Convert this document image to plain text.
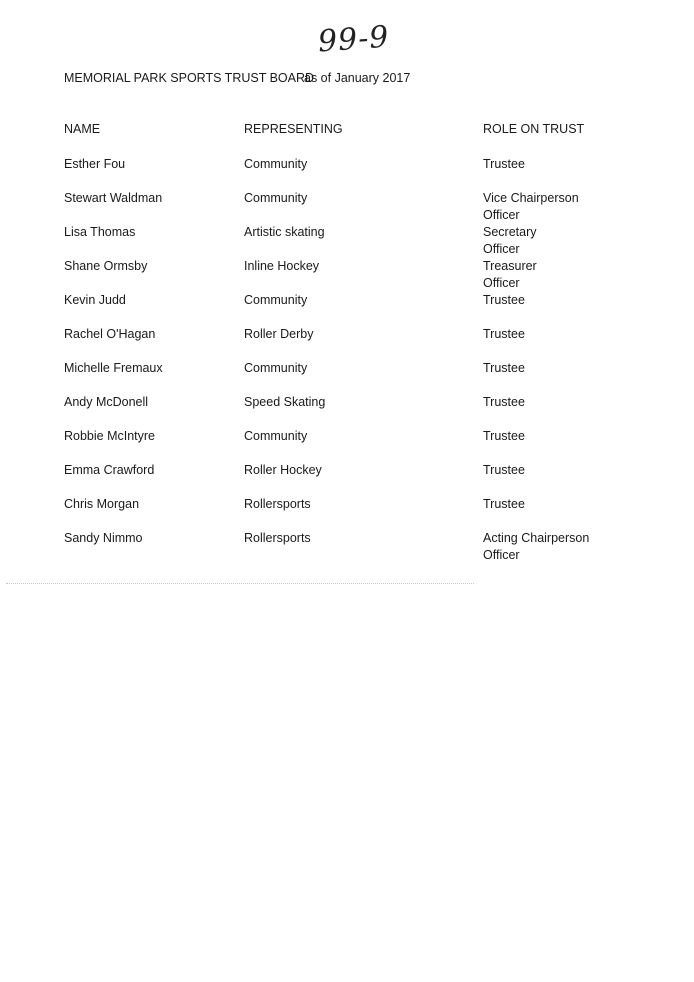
99-9
MEMORIAL PARK SPORTS TRUST BOARD
as of January 2017
NAME	REPRESENTING	ROLE ON TRUST
Esther Fou	Community	Trustee
Stewart Waldman	Community	Vice Chairperson
Officer
Lisa Thomas	Artistic skating	Secretary
Officer
Shane Ormsby	Inline Hockey	Treasurer
Officer
Kevin Judd	Community	Trustee
Rachel O'Hagan	Roller Derby	Trustee
Michelle Fremaux	Community	Trustee
Andy McDonell	Speed Skating	Trustee
Robbie McIntyre	Community	Trustee
Emma Crawford	Roller Hockey	Trustee
Chris Morgan	Rollersports	Trustee
Sandy Nimmo	Rollersports	Acting Chairperson
Officer
